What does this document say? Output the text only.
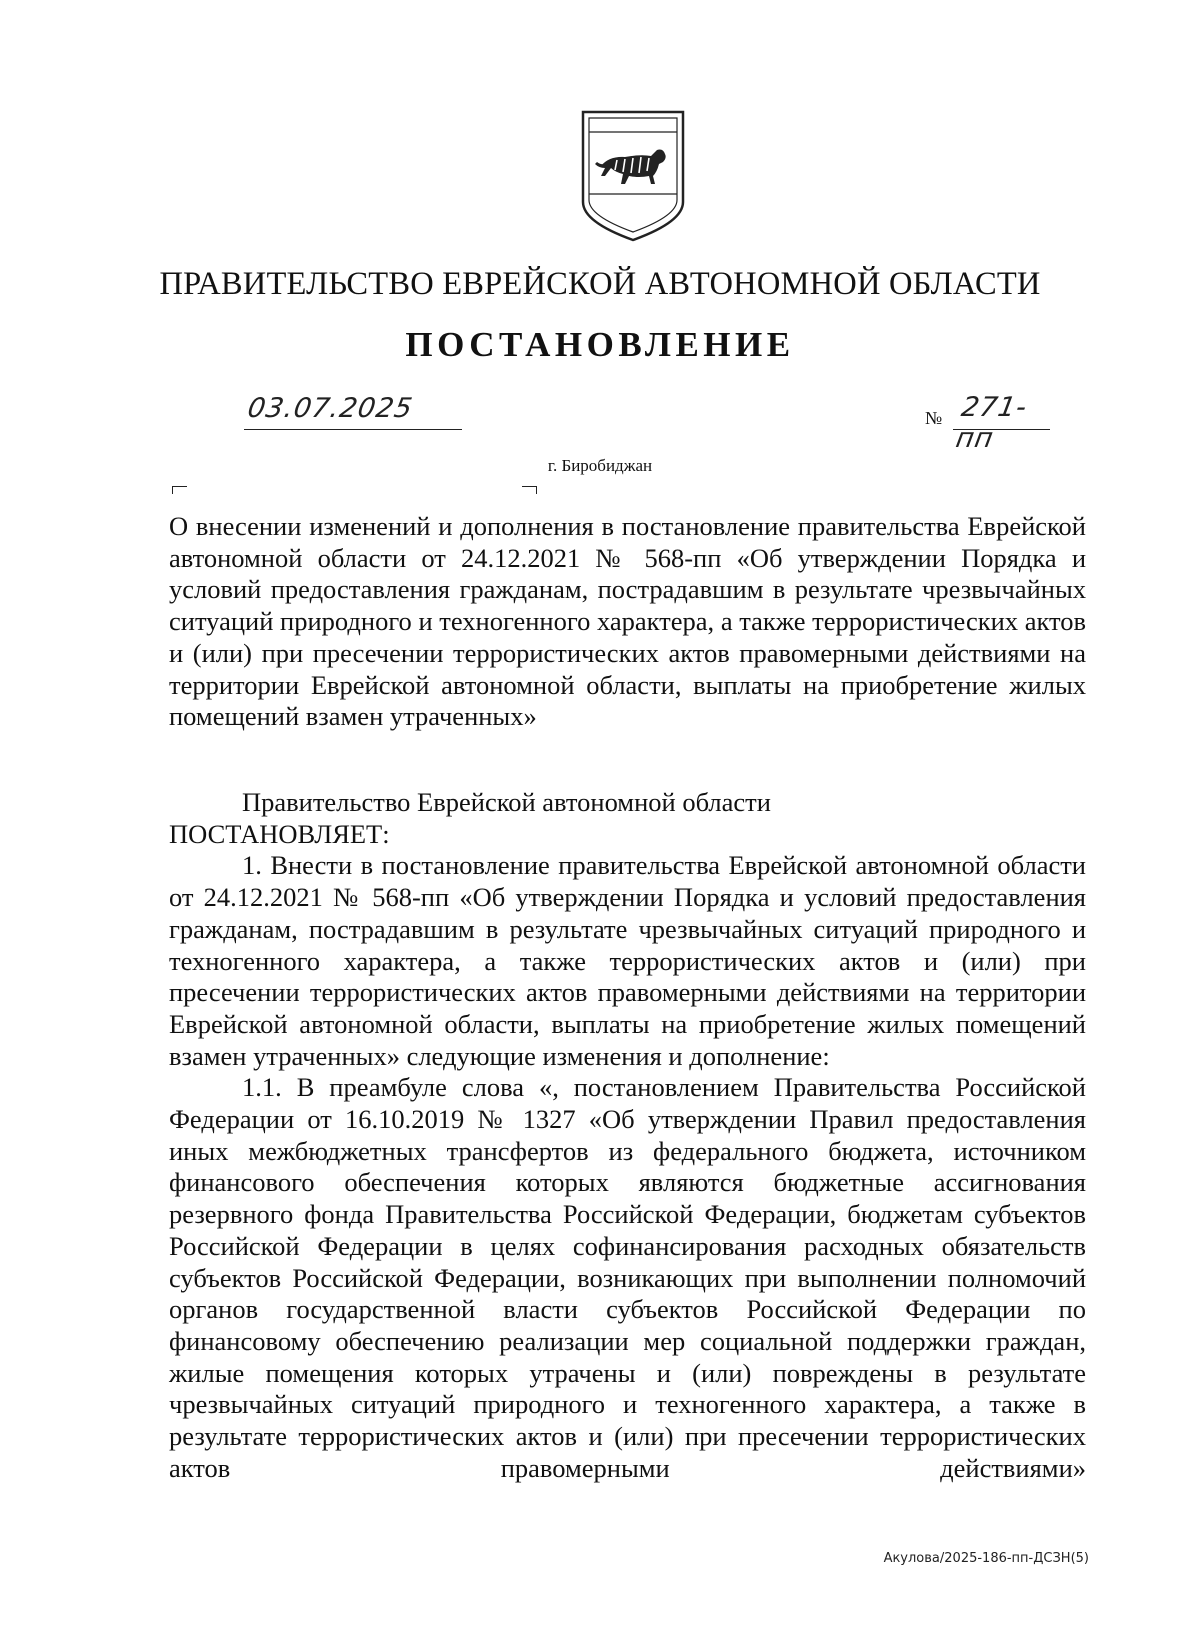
ПРАВИТЕЛЬСТВО ЕВРЕЙСКОЙ АВТОНОМНОЙ ОБЛАСТИ
ПОСТАНОВЛЕНИЕ
03.07.2025	№ 271-пп
г. Биробиджан
О внесении изменений и дополнения в постановление правительства Еврейской автономной области от 24.12.2021 № 568-пп «Об утверждении Порядка и условий предоставления гражданам, пострадавшим в результате чрезвычайных ситуаций природного и техногенного характера, а также террористических актов и (или) при пресечении террористических актов правомерными действиями на территории Еврейской автономной области, выплаты на приобретение жилых помещений взамен утраченных»

Правительство Еврейской автономной области

ПОСТАНОВЛЯЕТ:

1. Внести в постановление правительства Еврейской автономной области от 24.12.2021 № 568-пп «Об утверждении Порядка и условий предоставления гражданам, пострадавшим в результате чрезвычайных ситуаций природного и техногенного характера, а также террористических актов и (или) при пресечении террористических актов правомерными действиями на территории Еврейской автономной области, выплаты на приобретение жилых помещений взамен утраченных» следующие изменения и дополнение:

1.1. В преамбуле слова «, постановлением Правительства Российской Федерации от 16.10.2019 № 1327 «Об утверждении Правил предоставления иных межбюджетных трансфертов из федерального бюджета, источником финансового обеспечения которых являются бюджетные ассигнования резервного фонда Правительства Российской Федерации, бюджетам субъектов Российской Федерации в целях софинансирования расходных обязательств субъектов Российской Федерации, возникающих при выполнении полномочий органов государственной власти субъектов Российской Федерации по финансовому обеспечению реализации мер социальной поддержки граждан, жилые помещения которых утрачены и (или) повреждены в результате чрезвычайных ситуаций природного и техногенного характера, а также в результате террористических актов и (или) при пресечении террористических актов правомерными действиями»

Акулова/2025-186-пп-ДСЗН(5)
